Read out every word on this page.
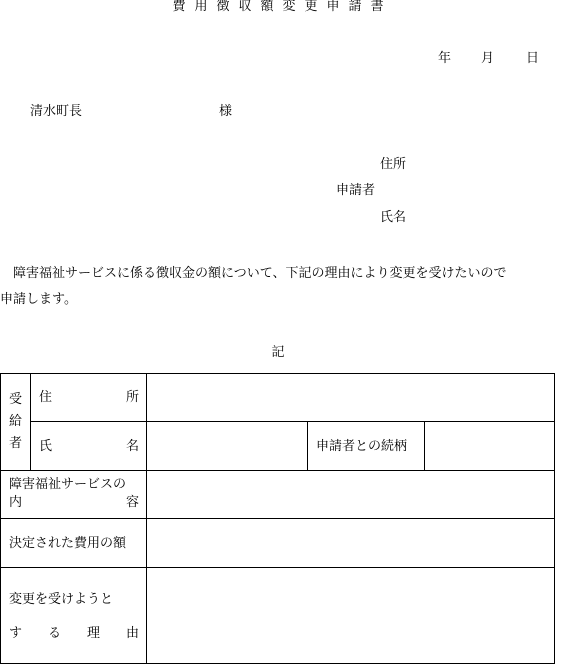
費用徴収額変更申請書
年 月 日
清水町長	様
住所
申請者
氏名
障害福祉サービスに係る徴収金の額について、下記の理由により変更を受けたいので
申請します。
記
受
給
者
住	所
氏	名	申請者との続柄
障害福祉サービスの
内	容
決定された費用の額
変更を受けようと
す る 理 由
